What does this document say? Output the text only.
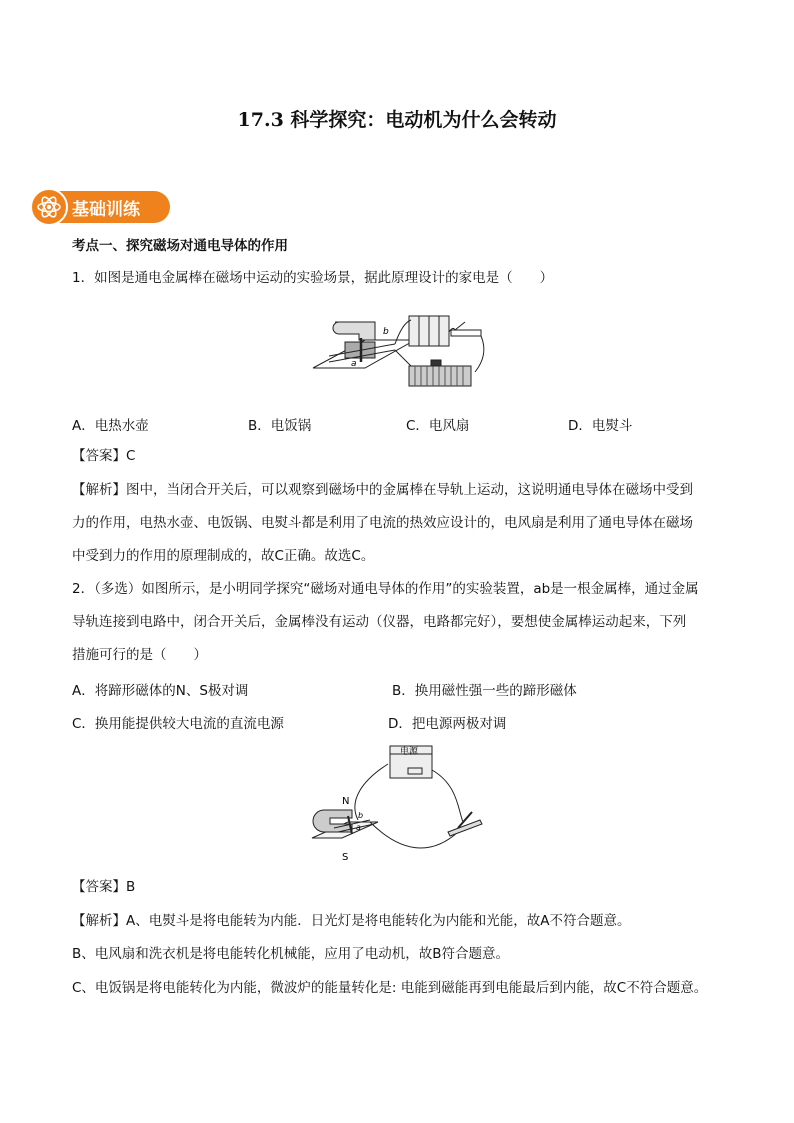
17.3 科学探究：电动机为什么会转动
基础训练
考点一、探究磁场对通电导体的作用
1．如图是通电金属棒在磁场中运动的实验场景，据此原理设计的家电是（　　）
b
a
A．电热水壶	B．电饭锅	C．电风扇	D．电熨斗
【答案】C
【解析】图中，当闭合开关后，可以观察到磁场中的金属棒在导轨上运动，这说明通电导体在磁场中受到
力的作用，电热水壶、电饭锅、电熨斗都是利用了电流的热效应设计的，电风扇是利用了通电导体在磁场
中受到力的作用的原理制成的，故C正确。故选C。
2．（多选）如图所示，是小明同学探究“磁场对通电导体的作用”的实验装置，ab是一根金属棒，通过金属
导轨连接到电路中，闭合开关后，金属棒没有运动（仪器，电路都完好），要想使金属棒运动起来，下列
措施可行的是（　　）
A．将蹄形磁体的N、S极对调	B．换用磁性强一些的蹄形磁体
C．换用能提供较大电流的直流电源	D．把电源两极对调
电源
N
S
a
b
【答案】B
【解析】A、电熨斗是将电能转为内能．日光灯是将电能转化为内能和光能，故A不符合题意。
B、电风扇和洗衣机是将电能转化机械能，应用了电动机，故B符合题意。
C、电饭锅是将电能转化为内能，微波炉的能量转化是: 电能到磁能再到电能最后到内能，故C不符合题意。
